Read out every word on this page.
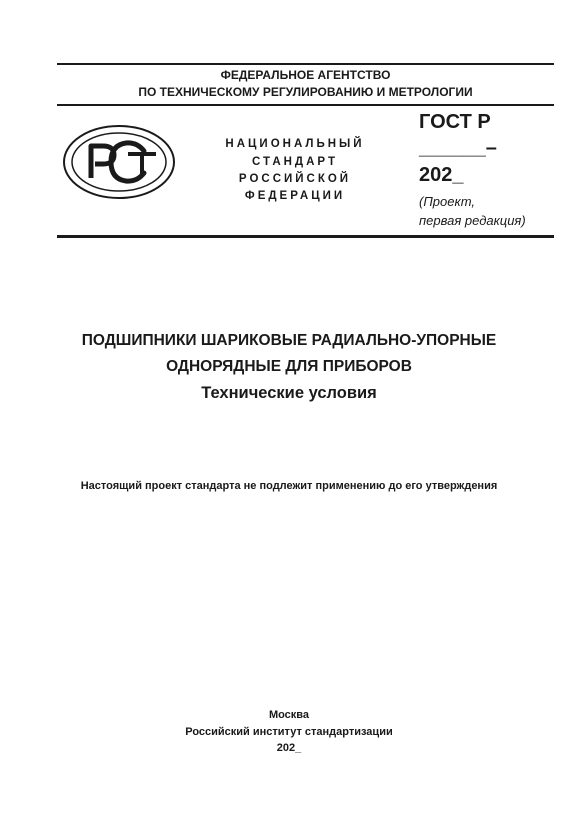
ФЕДЕРАЛЬНОЕ АГЕНТСТВО
ПО ТЕХНИЧЕСКОМУ РЕГУЛИРОВАНИЮ И МЕТРОЛОГИИ
НАЦИОНАЛЬНЫЙ
СТАНДАРТ
РОССИЙСКОЙ
ФЕДЕРАЦИИ
ГОСТ Р
______–
202_
(Проект,
первая редакция)
ПОДШИПНИКИ ШАРИКОВЫЕ РАДИАЛЬНО-УПОРНЫЕ
ОДНОРЯДНЫЕ ДЛЯ ПРИБОРОВ
Технические условия
Настоящий проект стандарта не подлежит применению до его утверждения
Москва
Российский институт стандартизации
202_
